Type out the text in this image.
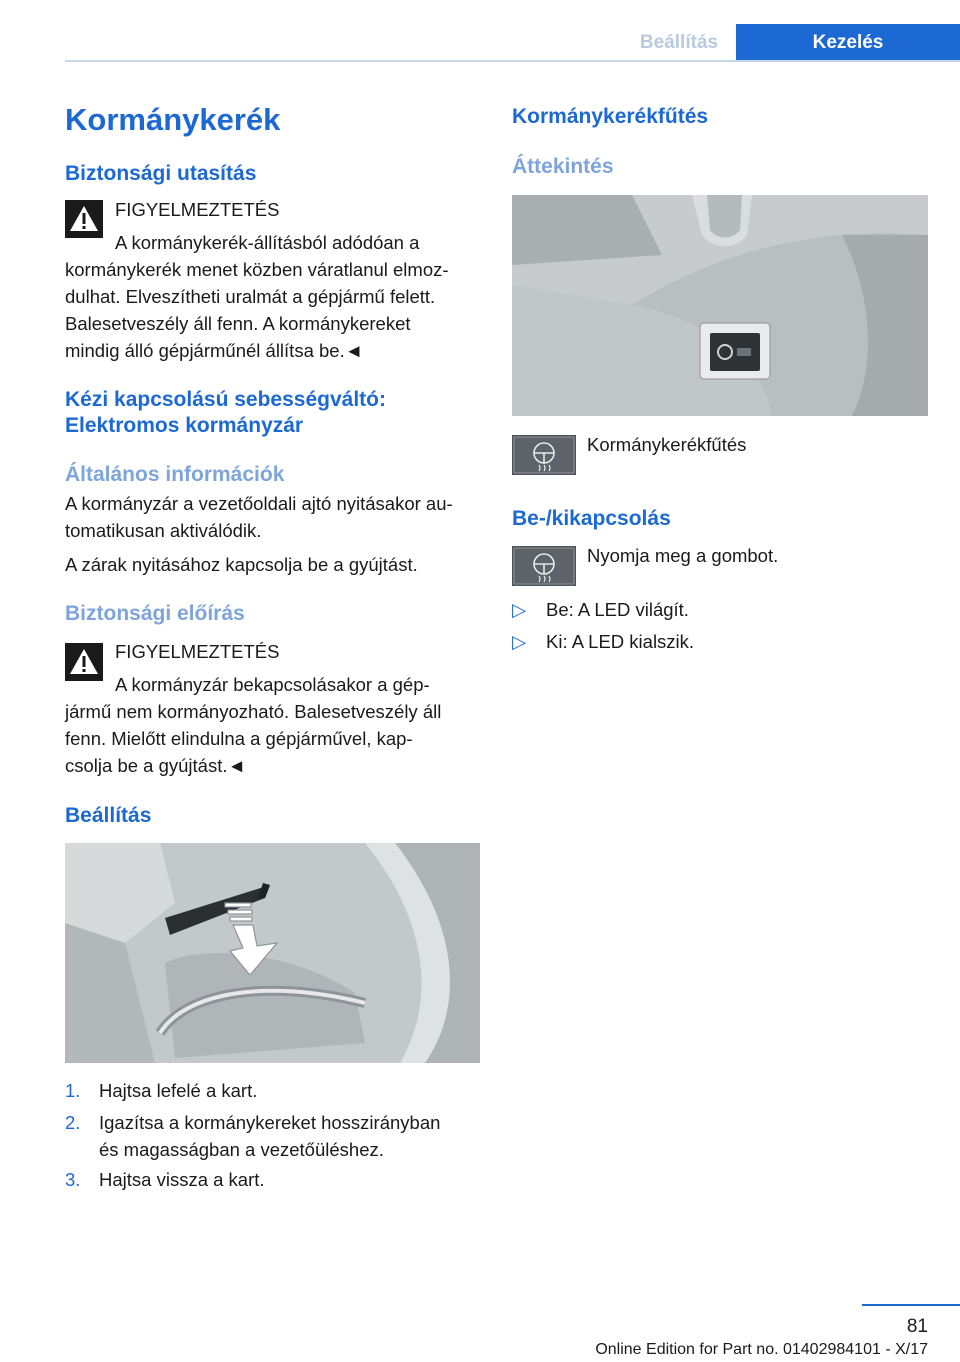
Beállítás	Kezelés
Kormánykerék
Biztonsági utasítás
FIGYELMEZTETÉS
A kormánykerék-állításból adódóan a
kormánykerék menet közben váratlanul elmoz-
dulhat. Elveszítheti uralmát a gépjármű felett.
Balesetveszély áll fenn. A kormánykereket
mindig álló gépjárműnél állítsa be.◄
Kézi kapcsolású sebességváltó:
Elektromos kormányzár
Általános információk
A kormányzár a vezetőoldali ajtó nyitásakor au-
tomatikusan aktiválódik.
A zárak nyitásához kapcsolja be a gyújtást.
Biztonsági előírás
FIGYELMEZTETÉS
A kormányzár bekapcsolásakor a gép-
jármű nem kormányozható. Balesetveszély áll
fenn. Mielőtt elindulna a gépjárművel, kap-
csolja be a gyújtást.◄
Beállítás
1. Hajtsa lefelé a kart.
2. Igazítsa a kormánykereket hosszirányban
és magasságban a vezetőüléshez.
3. Hajtsa vissza a kart.
Kormánykerékfűtés
Áttekintés
Kormánykerékfűtés
Be-/kikapcsolás
Nyomja meg a gombot.
▷ Be: A LED világít.
▷ Ki: A LED kialszik.
81
Online Edition for Part no. 01402984101 - X/17
